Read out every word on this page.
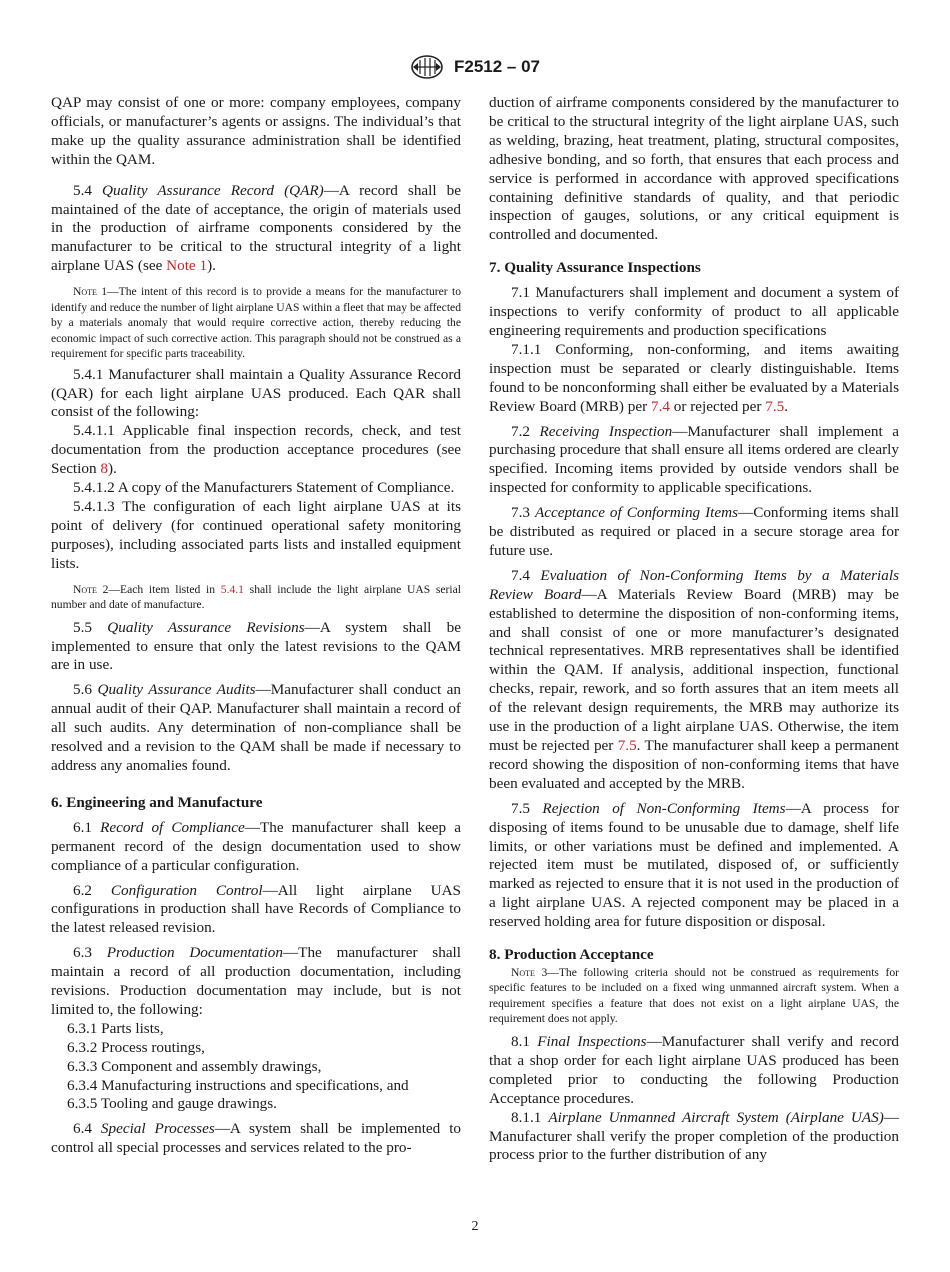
F2512 – 07

QAP may consist of one or more: company employees, company officials, or manufacturer’s agents or assigns. The individual’s that make up the quality assurance administration shall be identified within the QAM.

5.4 Quality Assurance Record (QAR)—A record shall be maintained of the date of acceptance, the origin of materials used in the production of airframe components considered by the manufacturer to be critical to the structural integrity of a light airplane UAS (see Note 1).

Note 1—The intent of this record is to provide a means for the manufacturer to identify and reduce the number of light airplane UAS within a fleet that may be affected by a materials anomaly that would require corrective action, thereby reducing the economic impact of such corrective action. This paragraph should not be construed as a requirement for specific parts traceability.

5.4.1 Manufacturer shall maintain a Quality Assurance Record (QAR) for each light airplane UAS produced. Each QAR shall consist of the following:

5.4.1.1 Applicable final inspection records, check, and test documentation from the production acceptance procedures (see Section 8).

5.4.1.2 A copy of the Manufacturers Statement of Compliance.

5.4.1.3 The configuration of each light airplane UAS at its point of delivery (for continued operational safety monitoring purposes), including associated parts lists and installed equipment lists.

Note 2—Each item listed in 5.4.1 shall include the light airplane UAS serial number and date of manufacture.

5.5 Quality Assurance Revisions—A system shall be implemented to ensure that only the latest revisions to the QAM are in use.

5.6 Quality Assurance Audits—Manufacturer shall conduct an annual audit of their QAP. Manufacturer shall maintain a record of all such audits. Any determination of non-compliance shall be resolved and a revision to the QAM shall be made if necessary to address any anomalies found.

6. Engineering and Manufacture

6.1 Record of Compliance—The manufacturer shall keep a permanent record of the design documentation used to show compliance of a particular configuration.

6.2 Configuration Control—All light airplane UAS configurations in production shall have Records of Compliance to the latest released revision.

6.3 Production Documentation—The manufacturer shall maintain a record of all production documentation, including revisions. Production documentation may include, but is not limited to, the following:

6.3.1 Parts lists,
6.3.2 Process routings,
6.3.3 Component and assembly drawings,
6.3.4 Manufacturing instructions and specifications, and
6.3.5 Tooling and gauge drawings.

6.4 Special Processes—A system shall be implemented to control all special processes and services related to the pro-

duction of airframe components considered by the manufacturer to be critical to the structural integrity of the light airplane UAS, such as welding, brazing, heat treatment, plating, structural composites, adhesive bonding, and so forth, that ensures that each process and service is performed in accordance with approved specifications containing definitive standards of quality, and that periodic inspection of gauges, solutions, or any critical equipment is controlled and documented.

7. Quality Assurance Inspections

7.1 Manufacturers shall implement and document a system of inspections to verify conformity of product to all applicable engineering requirements and production specifications

7.1.1 Conforming, non-conforming, and items awaiting inspection must be separated or clearly distinguishable. Items found to be nonconforming shall either be evaluated by a Materials Review Board (MRB) per 7.4 or rejected per 7.5.

7.2 Receiving Inspection—Manufacturer shall implement a purchasing procedure that shall ensure all items ordered are clearly specified. Incoming items provided by outside vendors shall be inspected for conformity to applicable specifications.

7.3 Acceptance of Conforming Items—Conforming items shall be distributed as required or placed in a secure storage area for future use.

7.4 Evaluation of Non-Conforming Items by a Materials Review Board—A Materials Review Board (MRB) may be established to determine the disposition of non-conforming items, and shall consist of one or more manufacturer’s designated technical representatives. MRB representatives shall be identified within the QAM. If analysis, additional inspection, functional checks, repair, rework, and so forth assures that an item meets all of the relevant design requirements, the MRB may authorize its use in the production of a light airplane UAS. Otherwise, the item must be rejected per 7.5. The manufacturer shall keep a permanent record showing the disposition of non-conforming items that have been evaluated and accepted by the MRB.

7.5 Rejection of Non-Conforming Items—A process for disposing of items found to be unusable due to damage, shelf life limits, or other variations must be defined and implemented. A rejected item must be mutilated, disposed of, or sufficiently marked as rejected to ensure that it is not used in the production of a light airplane UAS. A rejected component may be placed in a reserved holding area for future disposition or disposal.

8. Production Acceptance

Note 3—The following criteria should not be construed as requirements for specific features to be included on a fixed wing unmanned aircraft system. When a requirement specifies a feature that does not exist on a light airplane UAS, the requirement does not apply.

8.1 Final Inspections—Manufacturer shall verify and record that a shop order for each light airplane UAS produced has been completed prior to conducting the following Production Acceptance procedures.

8.1.1 Airplane Unmanned Aircraft System (Airplane UAS)—Manufacturer shall verify the proper completion of the production process prior to the further distribution of any

2
